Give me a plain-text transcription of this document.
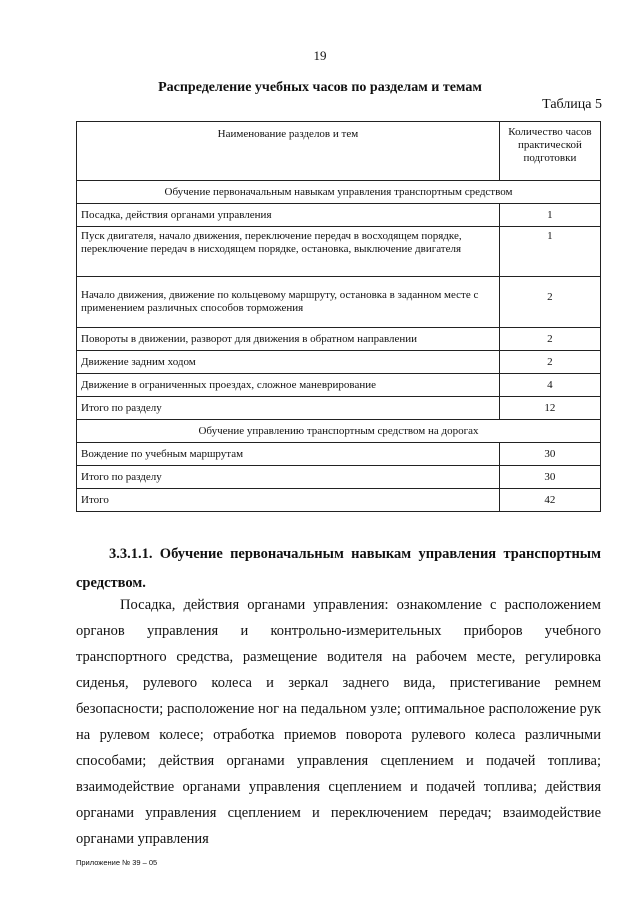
19
Распределение учебных часов по разделам и темам
Таблица 5
Наименование разделов и тем	Количество часов практической подготовки
Обучение первоначальным навыкам управления транспортным средством	
Посадка, действия органами управления	1
Пуск двигателя, начало движения, переключение передач в восходящем порядке, переключение передач в нисходящем порядке, остановка, выключение двигателя	1
Начало движения, движение по кольцевому маршруту, остановка в заданном месте с применением различных способов торможения	2
Повороты в движении, разворот для движения в обратном направлении	2
Движение задним ходом	2
Движение в ограниченных проездах, сложное маневрирование	4
Итого по разделу	12
Обучение управлению транспортным средством на дорогах	
Вождение по учебным маршрутам	30
Итого по разделу	30
Итого	42
3.3.1.1. Обучение первоначальным навыкам управления транспортным средством.
Посадка, действия органами управления: ознакомление с расположением органов управления и контрольно-измерительных приборов учебного транспортного средства, размещение водителя на рабочем месте, регулировка сиденья, рулевого колеса и зеркал заднего вида, пристегивание ремнем безопасности; расположение ног на педальном узле; оптимальное расположение рук на рулевом колесе; отработка приемов поворота рулевого колеса различными способами; действия органами управления сцеплением и подачей топлива; взаимодействие органами управления сцеплением и подачей топлива; действия органами управления сцеплением и переключением передач; взаимодействие органами управления
Приложение № 39 – 05
